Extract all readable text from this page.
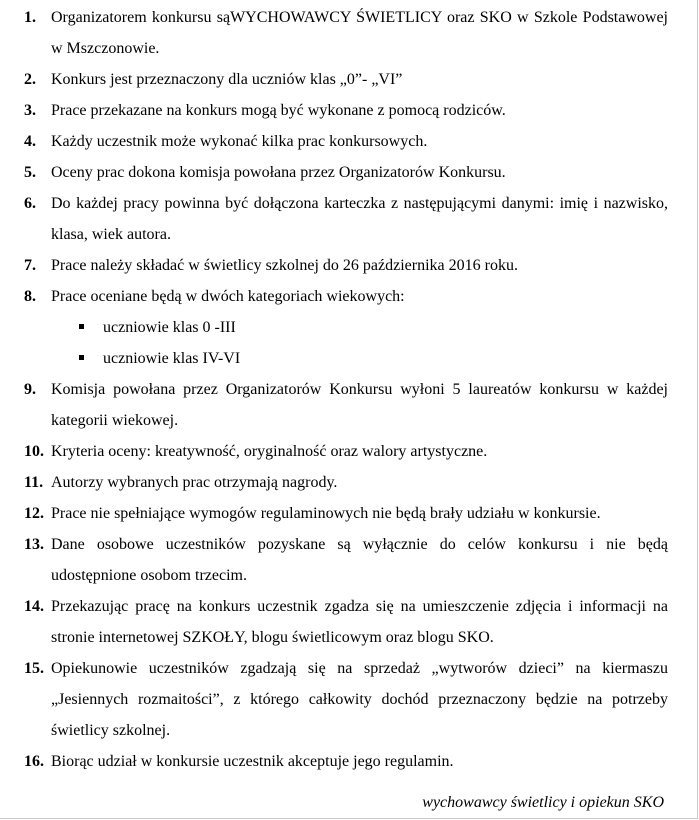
1. Organizatorem konkursu sąWYCHOWAWCY ŚWIETLICY oraz SKO w Szkole Podstawowej w Mszczonowie.
2. Konkurs jest przeznaczony dla uczniów klas „0”- „VI”
3. Prace przekazane na konkurs mogą być wykonane z pomocą rodziców.
4. Każdy uczestnik może wykonać kilka prac konkursowych.
5. Oceny prac dokona komisja powołana przez Organizatorów Konkursu.
6. Do każdej pracy powinna być dołączona karteczka z następującymi danymi: imię i nazwisko, klasa, wiek autora.
7. Prace należy składać w świetlicy szkolnej do 26 października 2016 roku.
8. Prace oceniane będą w dwóch kategoriach wiekowych:
uczniowie klas 0 -III
uczniowie klas IV-VI
9. Komisja powołana przez Organizatorów Konkursu wyłoni 5 laureatów konkursu w każdej kategorii wiekowej.
10. Kryteria oceny: kreatywność, oryginalność oraz walory artystyczne.
11. Autorzy wybranych prac otrzymają nagrody.
12. Prace nie spełniające wymogów regulaminowych nie będą brały udziału w konkursie.
13. Dane osobowe uczestników pozyskane są wyłącznie do celów konkursu i nie będą udostępnione osobom trzecim.
14. Przekazując pracę na konkurs uczestnik zgadza się na umieszczenie zdjęcia i informacji na stronie internetowej SZKOŁY, blogu świetlicowym oraz blogu SKO.
15. Opiekunowie uczestników zgadzają się na sprzedaż „wytworów dzieci” na kiermaszu „Jesiennych rozmaitości”, z którego całkowity dochód przeznaczony będzie na potrzeby świetlicy szkolnej.
16. Biorąc udział w konkursie uczestnik akceptuje jego regulamin.
wychowawcy świetlicy i opiekun SKO
